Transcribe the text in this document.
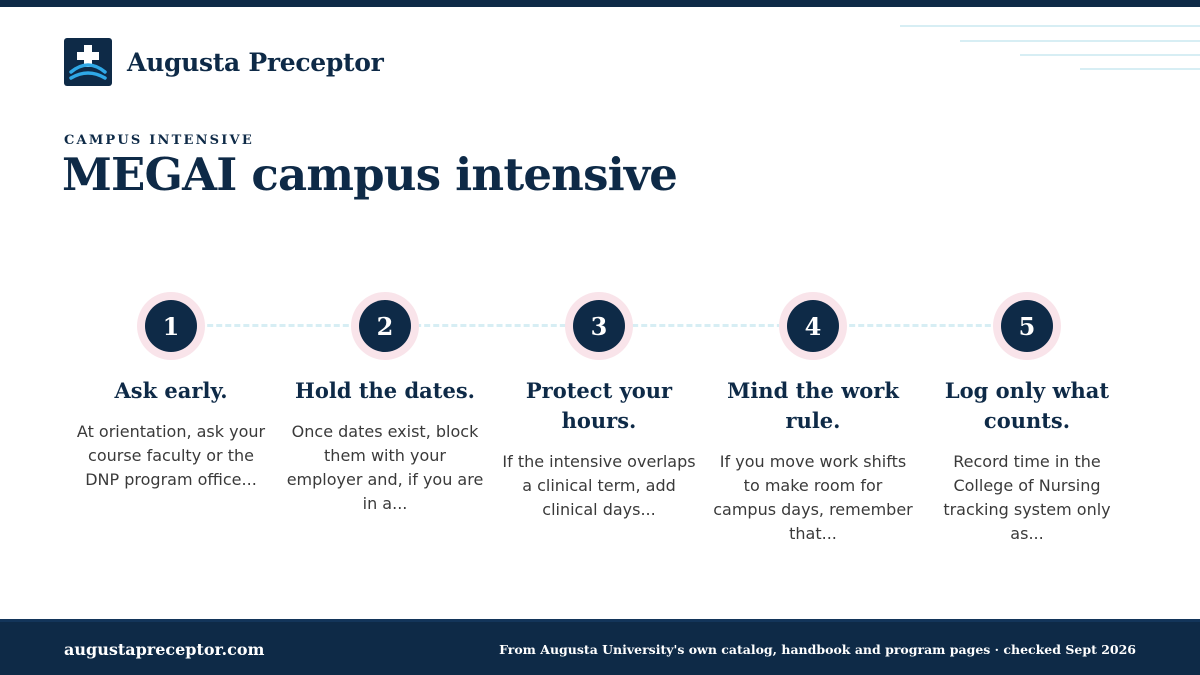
Augusta Preceptor
CAMPUS INTENSIVE
MEGAI campus intensive
1
Ask early.
At orientation, ask your course faculty or the DNP program office...
2
Hold the dates.
Once dates exist, block them with your employer and, if you are in a...
3
Protect your hours.
If the intensive overlaps a clinical term, add clinical days...
4
Mind the work rule.
If you move work shifts to make room for campus days, remember that...
5
Log only what counts.
Record time in the College of Nursing tracking system only as...
augustapreceptor.com	From Augusta University's own catalog, handbook and program pages · checked Sept 2026
